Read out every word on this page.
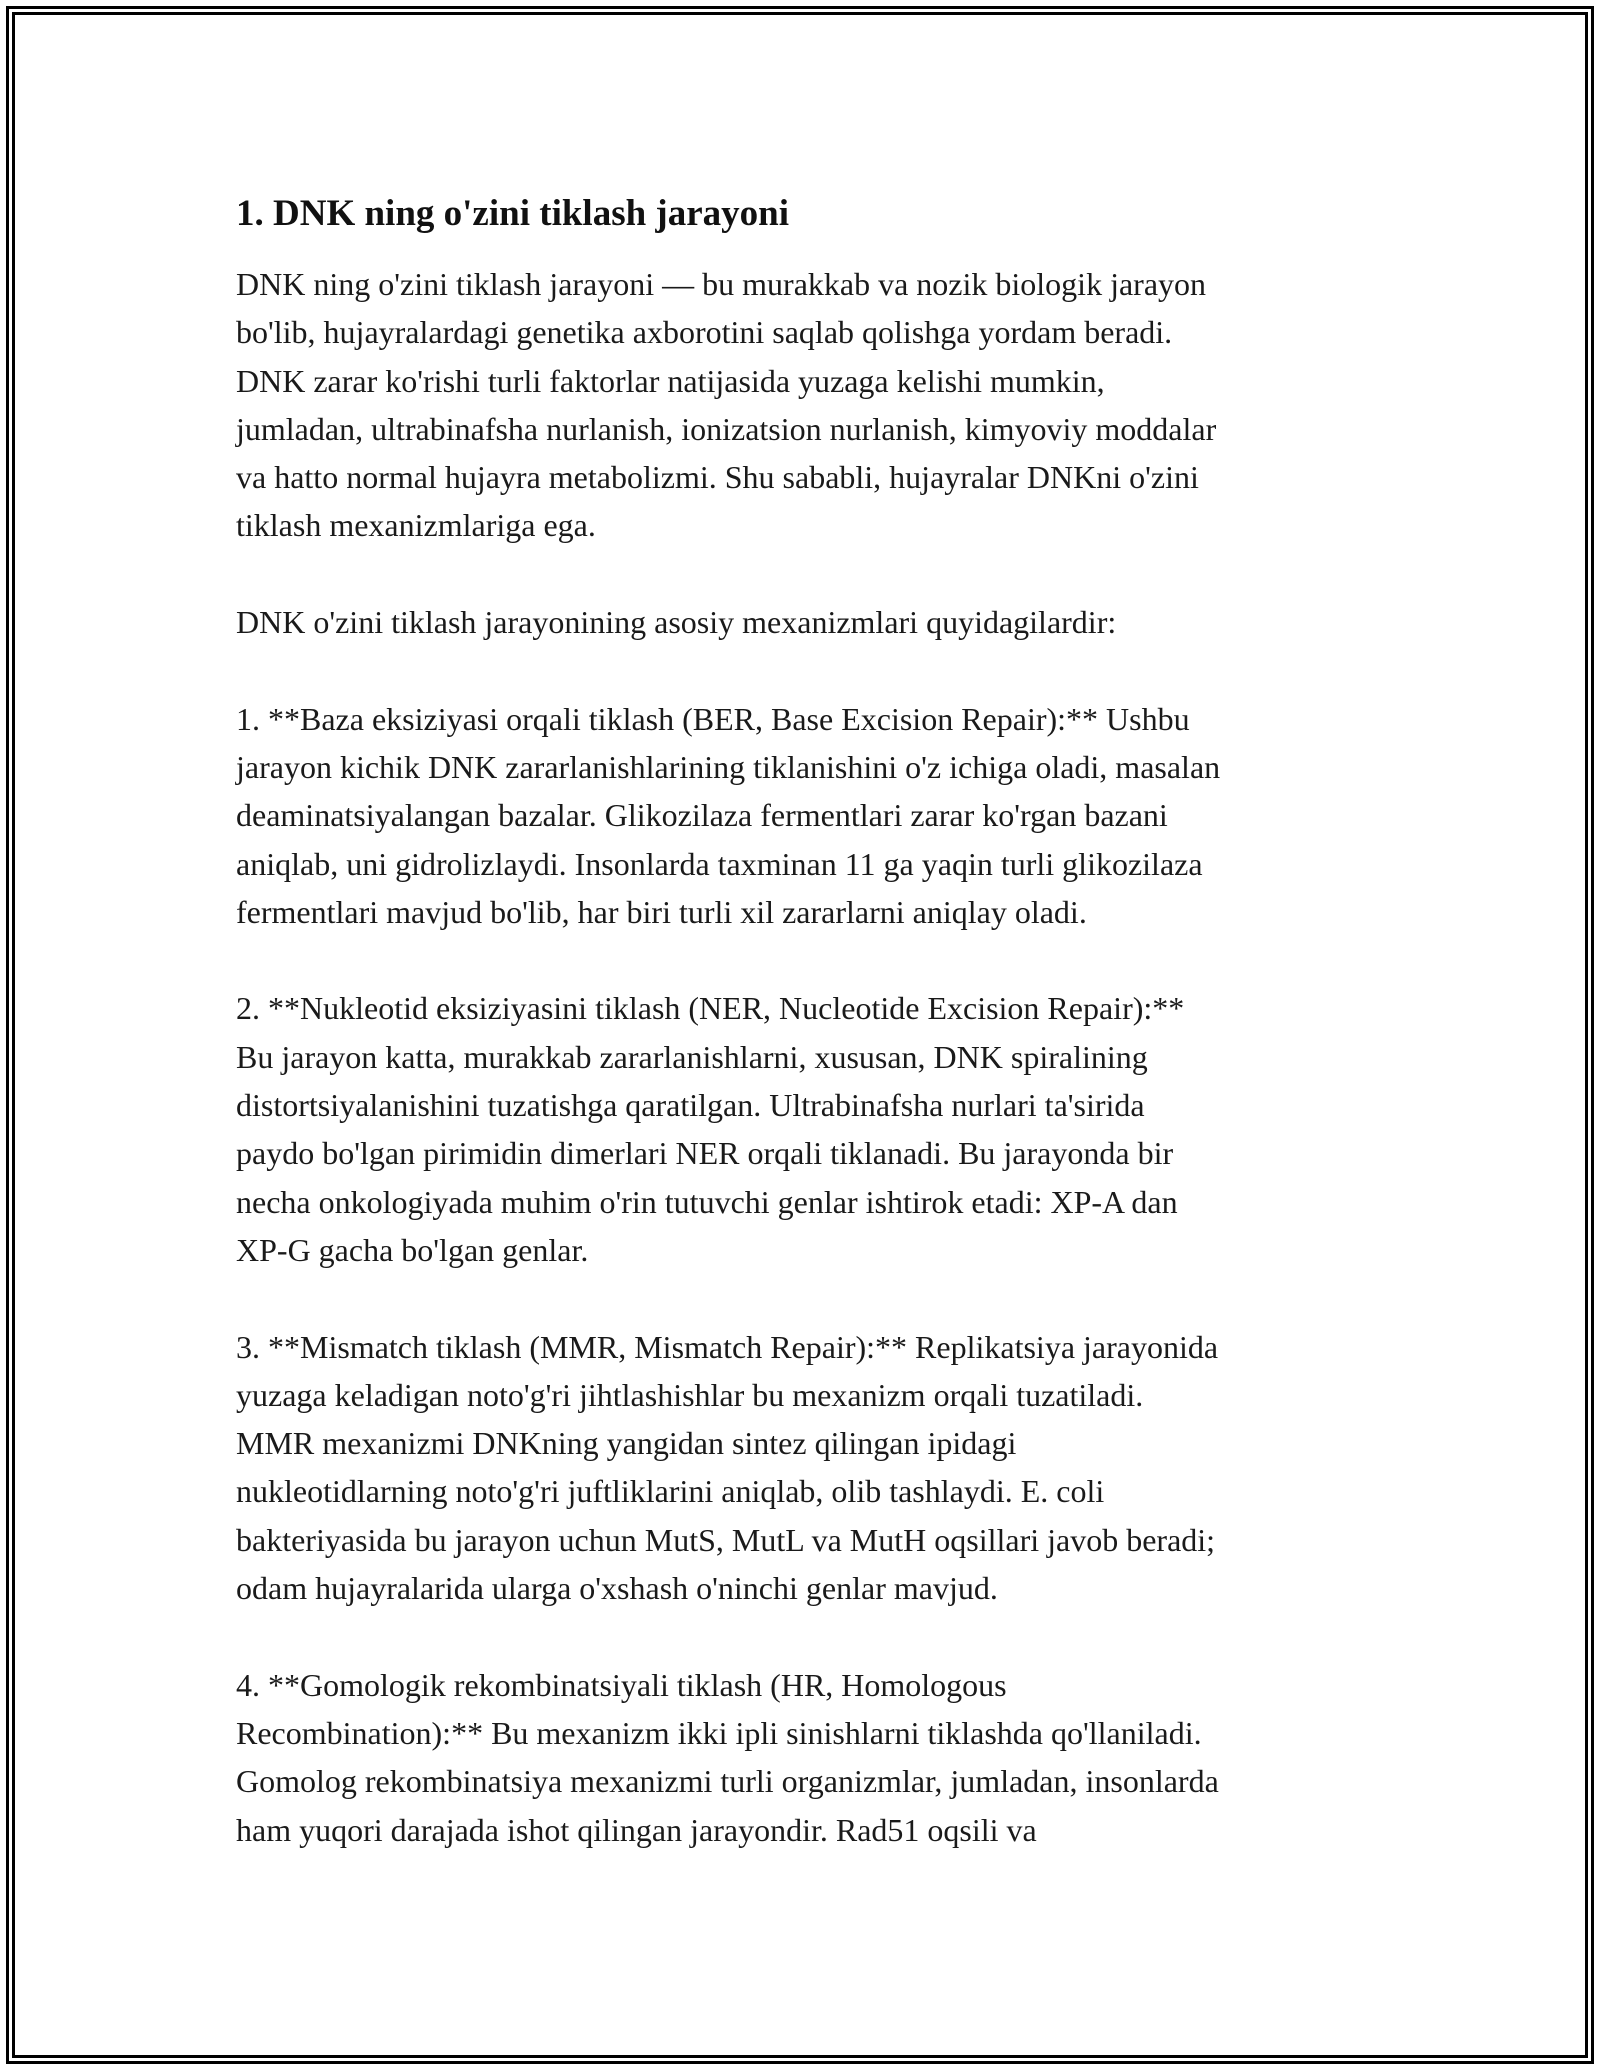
1. DNK ning o'zini tiklash jarayoni

DNK ning o'zini tiklash jarayoni — bu murakkab va nozik biologik jarayon
bo'lib, hujayralardagi genetika axborotini saqlab qolishga yordam beradi.
DNK zarar ko'rishi turli faktorlar natijasida yuzaga kelishi mumkin,
jumladan, ultrabinafsha nurlanish, ionizatsion nurlanish, kimyoviy moddalar
va hatto normal hujayra metabolizmi. Shu sababli, hujayralar DNKni o'zini
tiklash mexanizmlariga ega.

DNK o'zini tiklash jarayonining asosiy mexanizmlari quyidagilardir:

1. **Baza eksiziyasi orqali tiklash (BER, Base Excision Repair):** Ushbu
jarayon kichik DNK zararlanishlarining tiklanishini o'z ichiga oladi, masalan
deaminatsiyalangan bazalar. Glikozilaza fermentlari zarar ko'rgan bazani
aniqlab, uni gidrolizlaydi. Insonlarda taxminan 11 ga yaqin turli glikozilaza
fermentlari mavjud bo'lib, har biri turli xil zararlarni aniqlay oladi.

2. **Nukleotid eksiziyasini tiklash (NER, Nucleotide Excision Repair):**
Bu jarayon katta, murakkab zararlanishlarni, xususan, DNK spiralining
distortsiyalanishini tuzatishga qaratilgan. Ultrabinafsha nurlari ta'sirida
paydo bo'lgan pirimidin dimerlari NER orqali tiklanadi. Bu jarayonda bir
necha onkologiyada muhim o'rin tutuvchi genlar ishtirok etadi: XP-A dan
XP-G gacha bo'lgan genlar.

3. **Mismatch tiklash (MMR, Mismatch Repair):** Replikatsiya jarayonida
yuzaga keladigan noto'g'ri jihtlashishlar bu mexanizm orqali tuzatiladi.
MMR mexanizmi DNKning yangidan sintez qilingan ipidagi
nukleotidlarning noto'g'ri juftliklarini aniqlab, olib tashlaydi. E. coli
bakteriyasida bu jarayon uchun MutS, MutL va MutH oqsillari javob beradi;
odam hujayralarida ularga o'xshash o'ninchi genlar mavjud.

4. **Gomologik rekombinatsiyali tiklash (HR, Homologous
Recombination):** Bu mexanizm ikki ipli sinishlarni tiklashda qo'llaniladi.
Gomolog rekombinatsiya mexanizmi turli organizmlar, jumladan, insonlarda
ham yuqori darajada ishot qilingan jarayondir. Rad51 oqsili va
